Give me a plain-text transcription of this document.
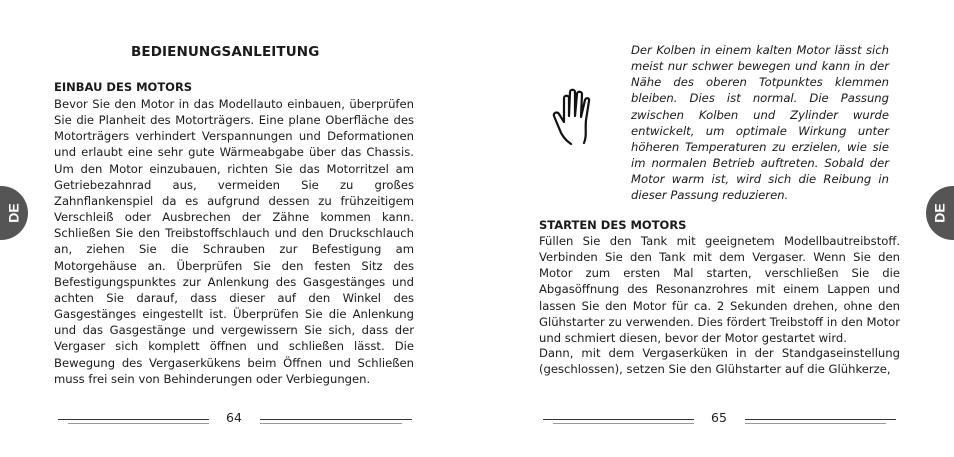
DE
BEDIENUNGSANLEITUNG
EINBAU DES MOTORS

Bevor Sie den Motor in das Modellauto einbauen, überprüfen Sie die Planheit des Motorträgers. Eine plane Oberfläche des Motorträgers verhindert Verspannungen und Deformationen und erlaubt eine sehr gute Wärmeabgabe über das Chassis. Um den Motor einzubauen, richten Sie das Motorritzel am Getriebezahnrad aus, vermeiden Sie zu großes Zahnflankenspiel da es aufgrund dessen zu frühzeitigem Verschleiß oder Ausbrechen der Zähne kommen kann. Schließen Sie den Treibstoffschlauch und den Druckschlauch an, ziehen Sie die Schrauben zur Befestigung am Motorgehäuse an. Überprüfen Sie den festen Sitz des Befestigungspunktes zur Anlenkung des Gasgestänges und achten Sie darauf, dass dieser auf den Winkel des Gasgestänges eingestellt ist. Überprüfen Sie die Anlenkung und das Gasgestänge und vergewissern Sie sich, dass der Vergaser sich komplett öffnen und schließen lässt. Die Bewegung des Vergaserkükens beim Öffnen und Schließen muss frei sein von Behinderungen oder Verbiegungen.

64

Der Kolben in einem kalten Motor lässt sich meist nur schwer bewegen und kann in der Nähe des oberen Totpunktes klemmen bleiben. Dies ist normal. Die Passung zwischen Kolben und Zylinder wurde entwickelt, um optimale Wirkung unter höheren Temperaturen zu erzielen, wie sie im normalen Betrieb auftreten. Sobald der Motor warm ist, wird sich die Reibung in dieser Passung reduzieren.

STARTEN DES MOTORS

Füllen Sie den Tank mit geeignetem Modellbautreibstoff. Verbinden Sie den Tank mit dem Vergaser. Wenn Sie den Motor zum ersten Mal starten, verschließen Sie die Abgasöffnung des Resonanzrohres mit einem Lappen und lassen Sie den Motor für ca. 2 Sekunden drehen, ohne den Glühstarter zu verwenden. Dies fördert Treibstoff in den Motor und schmiert diesen, bevor der Motor gestartet wird.

Dann, mit dem Vergaserküken in der Standgaseinstellung (geschlossen), setzen Sie den Glühstarter auf die Glühkerze,

65
DE
